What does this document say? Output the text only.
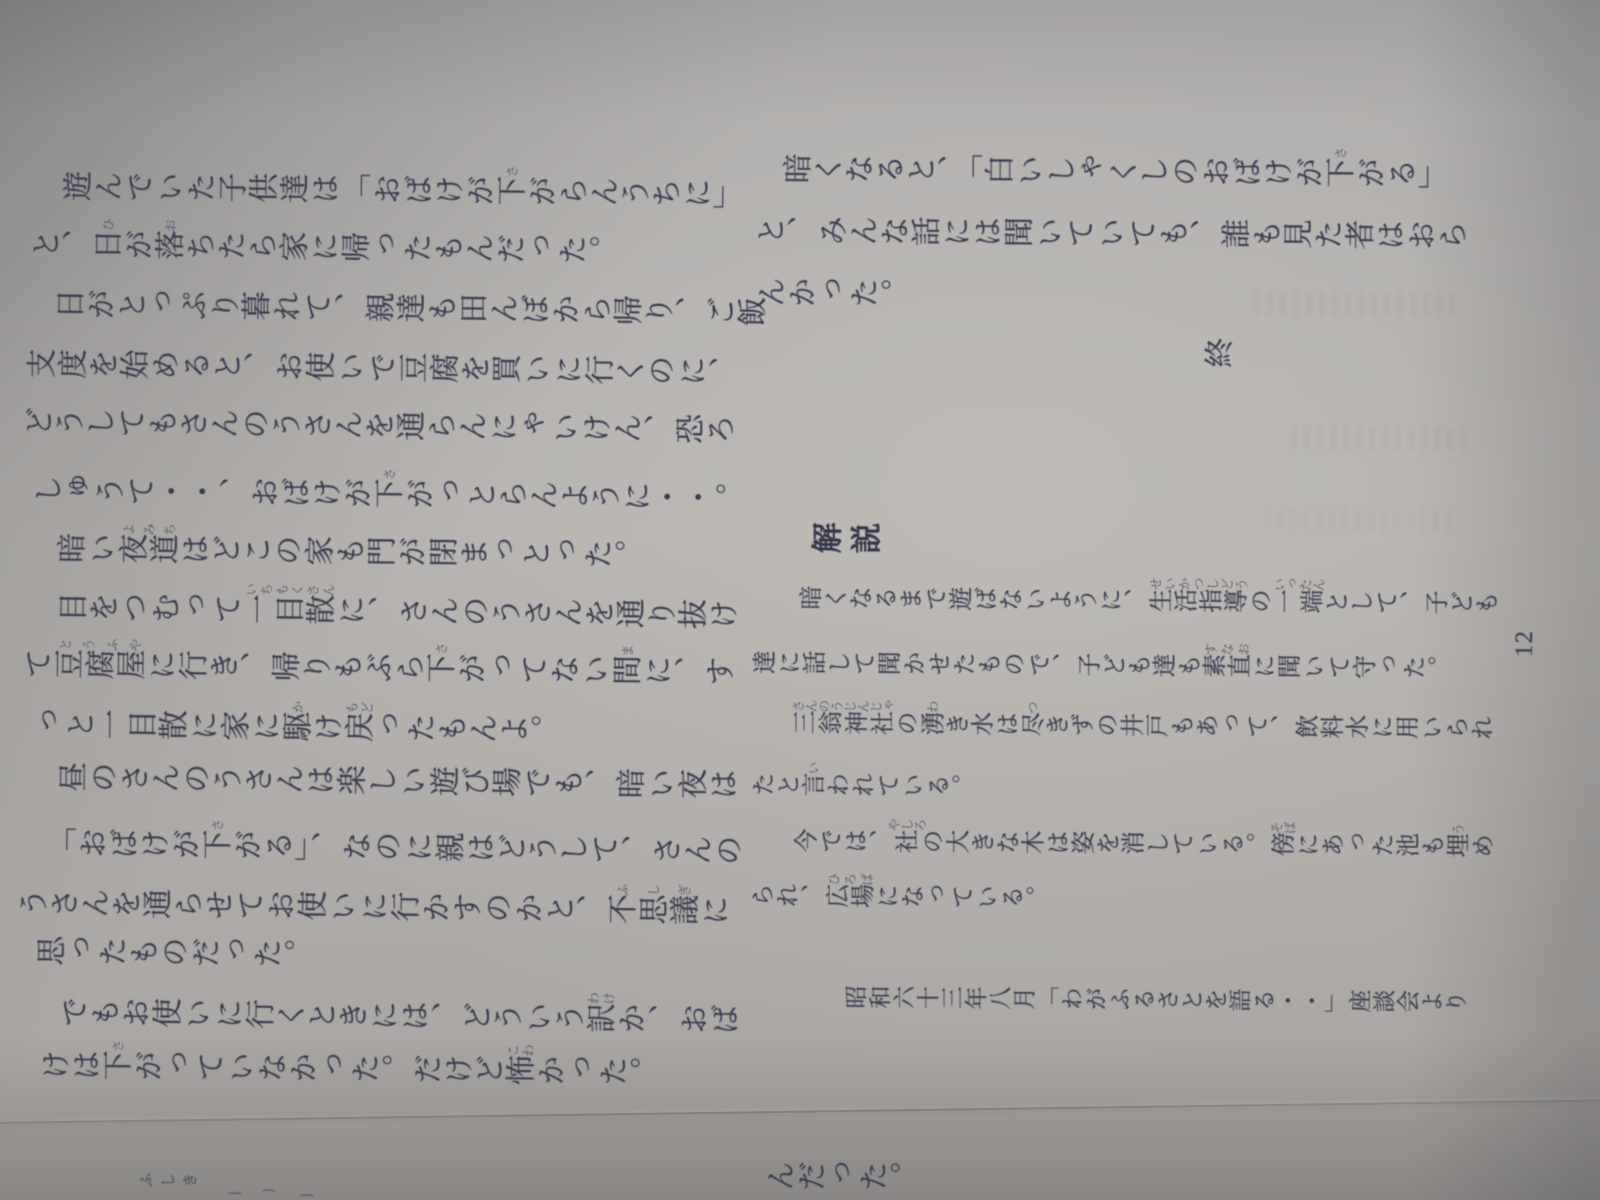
遊んでいた子供達は「おばけが下さがらんうちに」
と、日ひが落おちたら家に帰ったもんだった。
日がとっぷり暮れて、親達も田んぼから帰り、ご飯
支度を始めると、お使いで豆腐を買いに行くのに、
どうしてもさんのうさんを通らんにゃいけん、恐ろ
しゅうて・・、おばけが下さがっとらんように・・。
暗い夜道よみちはどこの家も門が閉まっとった。
目をつむって一目散いちもくさんに、さんのうさんを通り抜け
て豆腐屋とうふやに行き、帰りもぶら下さがってない間まに、す
っと一目散に家に駆かけ戻もどったもんよ。
昼のさんのうさんは楽しい遊び場でも、暗い夜は
「おばけが下さがる」、なのに親はどうして、さんの
うさんを通らせてお使いに行かすのかと、不思議ふしぎに
思ったものだった。
でもお使いに行くときには、どういう訳わけか、おば
けは下さがっていなかった。だけど怖こわかった。
暗くなると、「白いしゃくしのおばけが下さがる」
と、みんな話には聞いていても、誰も見た者はおら
んかった。
終
解説
暗くなるまで遊ばないように、生活指導せいかつしどうの一端いったんとして、子ども
達に話して聞かせたもので、子ども達も素直すなおに聞いて守った。
三翁神社さんのうじんじゃの湧わき水は尽つきずの井戸もあって、飲料水に用いられ
たと言いわれている。
今では、社やしろの大きな木は姿を消している。傍そばにあった池も埋うめ
られ、広場ひろばになっている。
昭和六十三年八月「わがふるさとを語る・・」座談会より
12
んだった。
ふしき
